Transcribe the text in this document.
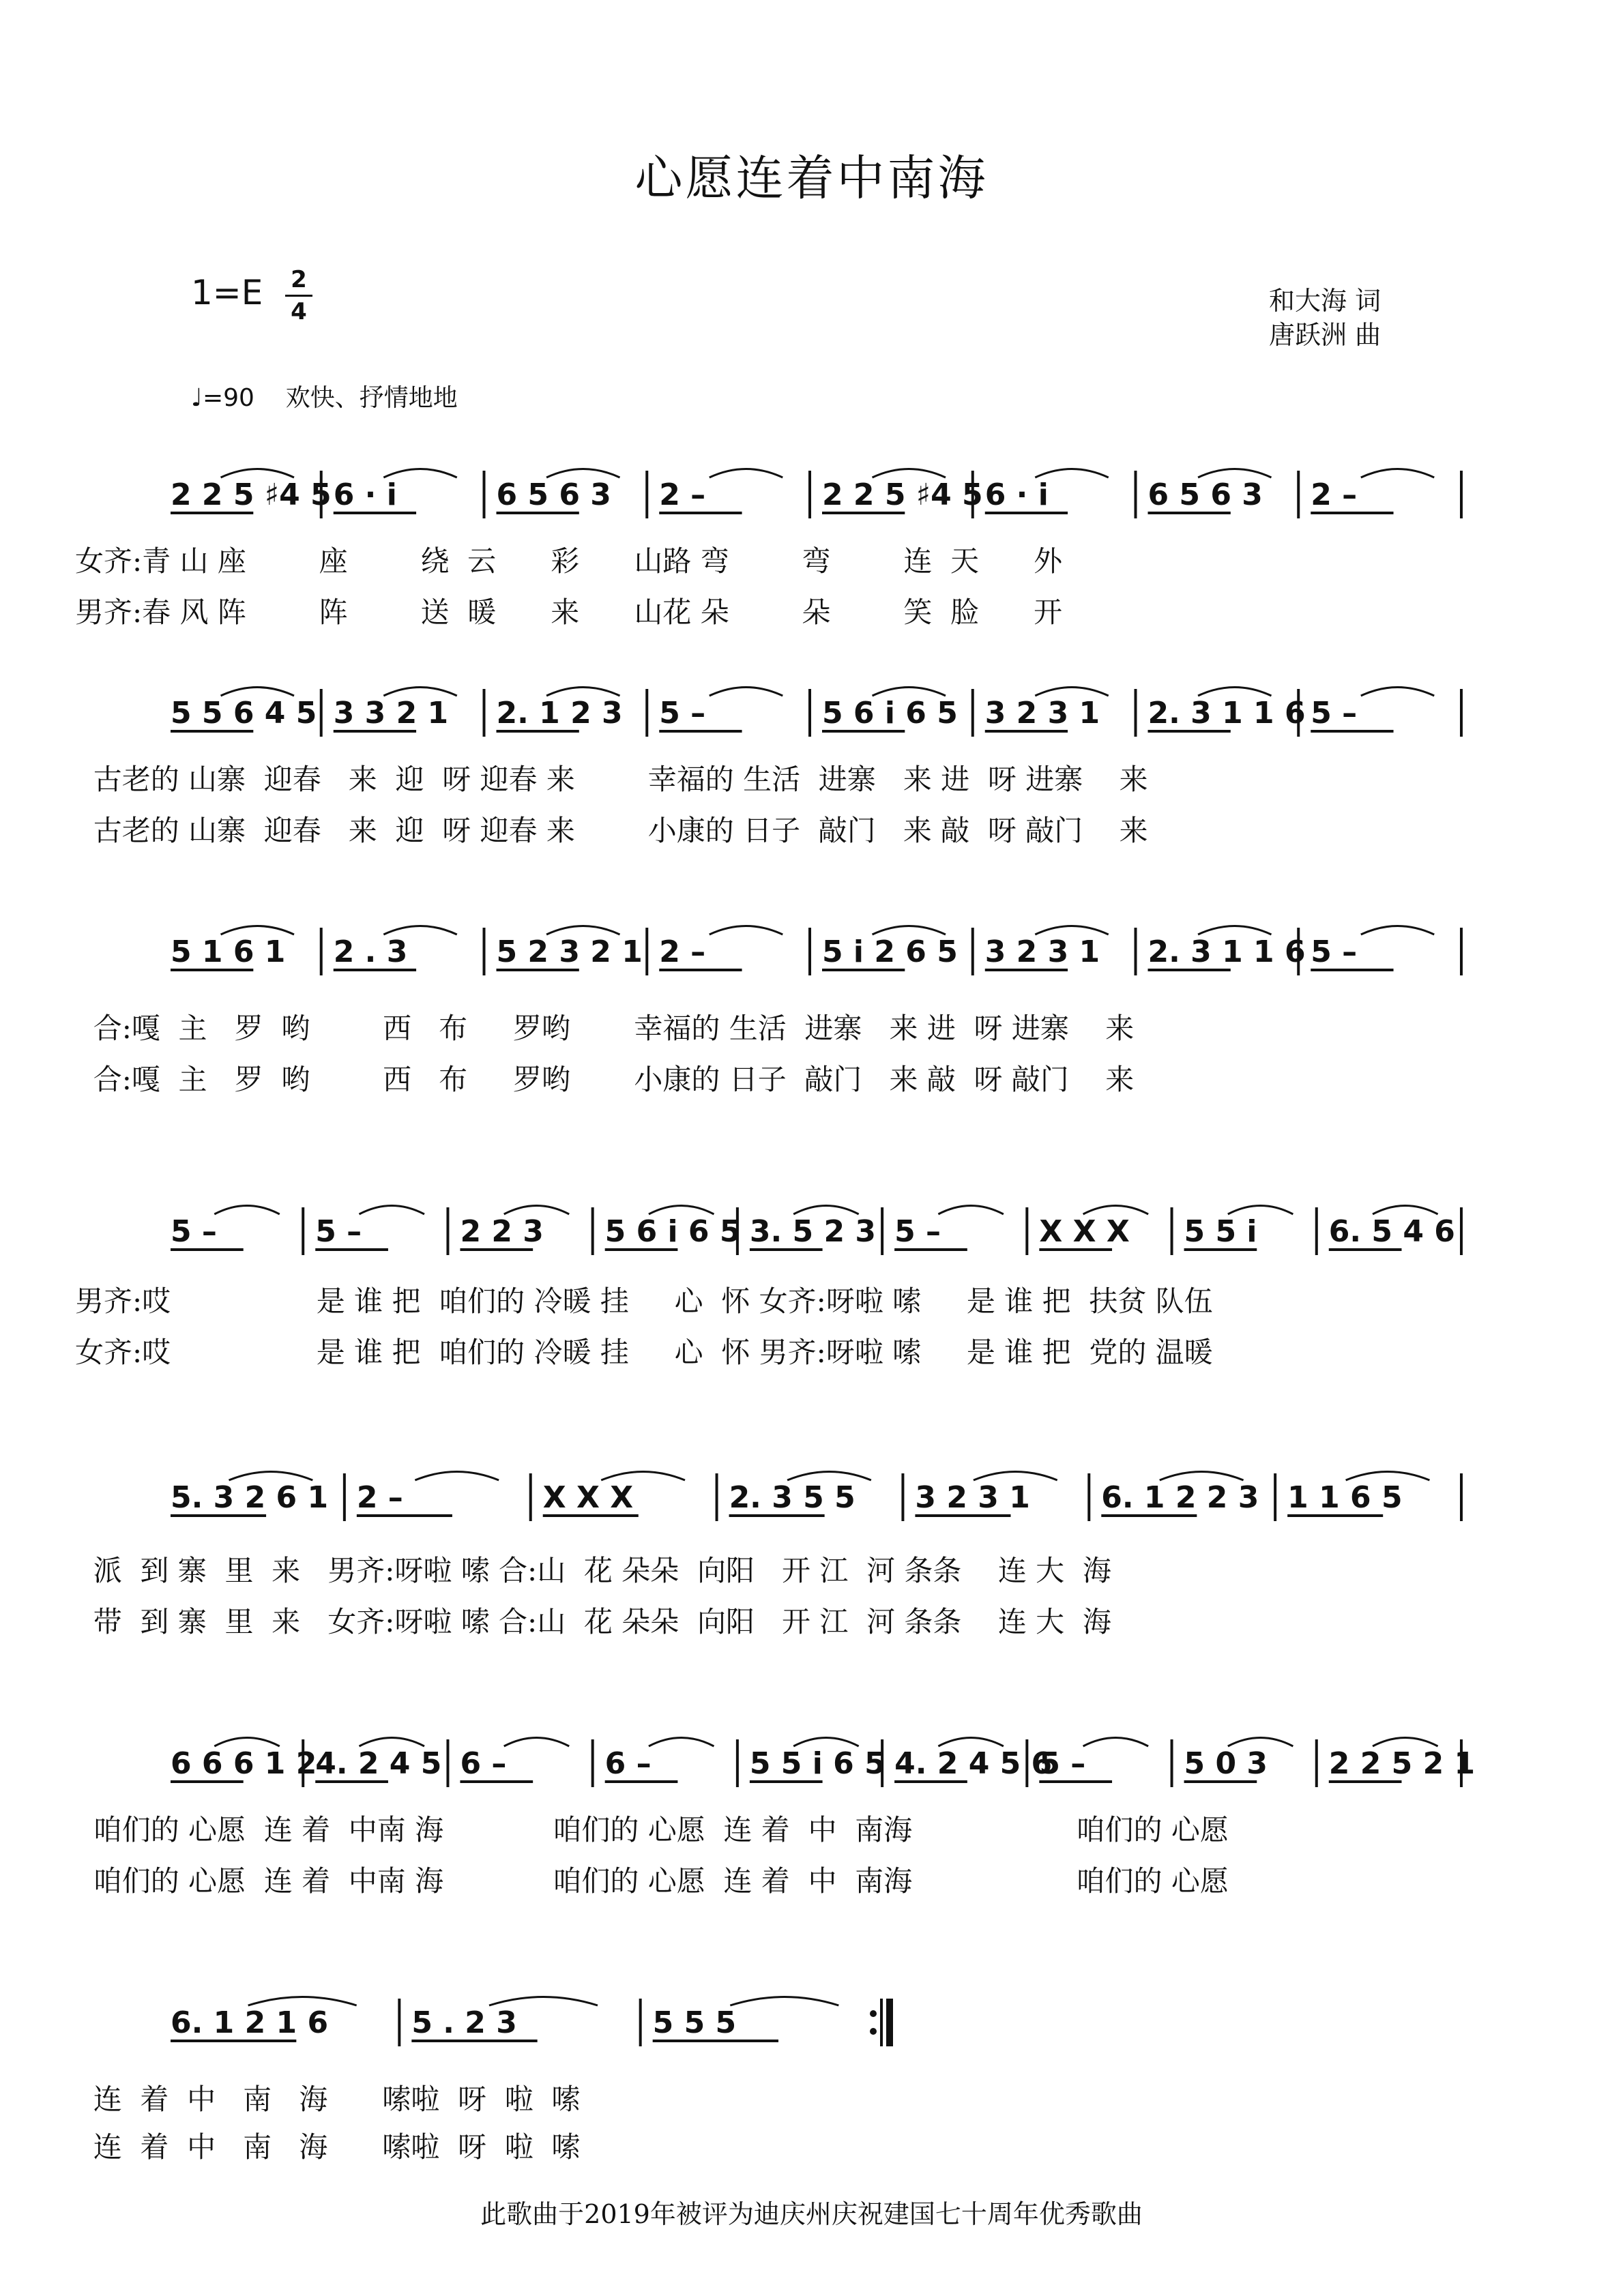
心愿连着中南海
1=E 2
4	和大海 词
唐跃洲 曲
♩=90 欢快、抒情地地
2 2 5 ♯4 5 6 · i	6 5 6 3 2 –	2 2 5 ♯4 5 6 · i	6 5 6 3 2 –
女齐:青 山 座        座        绕  云      彩      山路 弯        弯        连  天      外
男齐:春 风 阵        阵        送  暖      来      山花 朵        朵        笑  脸      开
5 5 6 4 5 3 3 2 1 2. 1 2 3 5 –	5 6 i 6 5 3 2 3 1 2. 3 1 1 6 5 –
古老的 山寨  迎春   来  迎  呀 迎春 来        幸福的 生活  进寨   来 进  呀 进寨    来
古老的 山寨  迎春   来  迎  呀 迎春 来        小康的 日子  敲门   来 敲  呀 敲门    来
5 1 6 1 2 . 3	5 2 3 2 1 2 –	5 i 2 6 5 3 2 3 1 2. 3 1 1 6 5 –
合:嘎  主   罗  哟        西   布     罗哟       幸福的 生活  进寨   来 进  呀 进寨    来
合:嘎  主   罗  哟        西   布     罗哟       小康的 日子  敲门   来 敲  呀 敲门    来
5 –	5 –	2 2 3 5 6 i 6 5 3. 5 2 3 5 –	X X X 5 5 i 6. 5 4 6
男齐:哎                是 谁 把  咱们的 冷暖 挂     心  怀 女齐:呀啦 嗦     是 谁 把  扶贫 队伍
女齐:哎                是 谁 把  咱们的 冷暖 挂     心  怀 男齐:呀啦 嗦     是 谁 把  党的 温暖
5. 3 2 6 1 2 –	X X X	2. 3 5 5 3 2 3 1 6. 1 2 2 3 1 1 6 5
派  到 寨  里  来   男齐:呀啦 嗦 合:山  花 朵朵  向阳   开 江  河 条条    连 大  海
带  到 寨  里  来   女齐:呀啦 嗦 合:山  花 朵朵  向阳   开 江  河 条条    连 大  海
6 6 6 1 2
4. 2 4 5 6 –	6 –	5 5 i 6 5 4. 2 4 5 6
5 –	5 0 3 2 2 5 2 1
咱们的 心愿  连 着  中南 海            咱们的 心愿  连 着  中  南海                  咱们的 心愿
咱们的 心愿  连 着  中南 海            咱们的 心愿  连 着  中  南海                  咱们的 心愿
6. 1 2 1 6	5 . 2 3	5 5 5
连  着  中   南   海      嗦啦  呀  啦  嗦
连  着  中   南   海      嗦啦  呀  啦  嗦
此歌曲于2019年被评为迪庆州庆祝建国七十周年优秀歌曲
